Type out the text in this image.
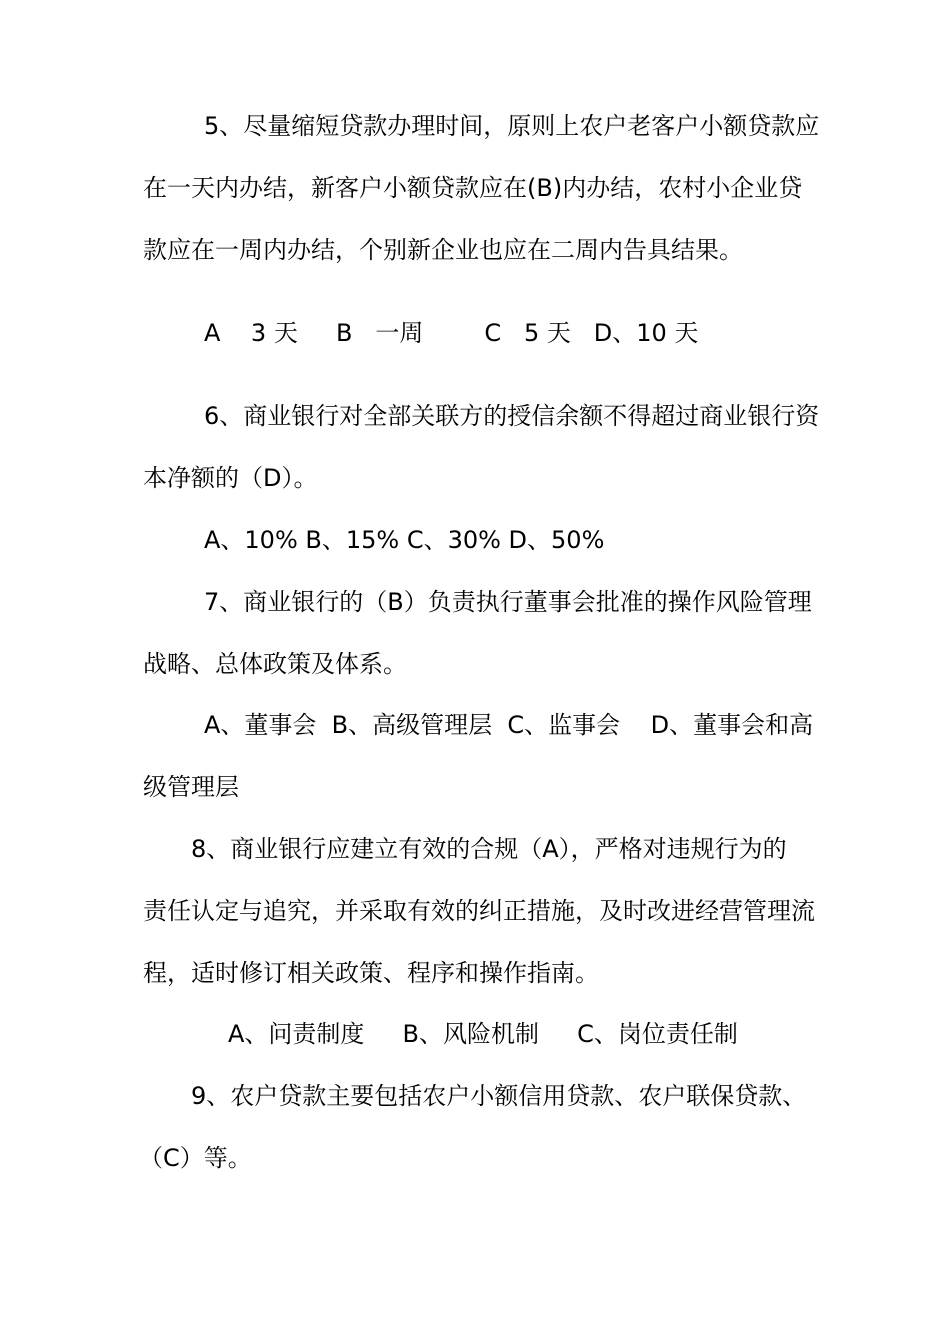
5、尽量缩短贷款办理时间，原则上农户老客户小额贷款应
在一天内办结，新客户小额贷款应在(B)内办结，农村小企业贷
款应在一周内办结，个别新企业也应在二周内告具结果。
A    3 天     B   一周        C   5 天   D、10 天
6、商业银行对全部关联方的授信余额不得超过商业银行资
本净额的（D）。
A、10% B、15% C、30% D、50%
7、商业银行的（B）负责执行董事会批准的操作风险管理
战略、总体政策及体系。
A、董事会  B、高级管理层  C、监事会    D、董事会和高
级管理层
8、商业银行应建立有效的合规（A），严格对违规行为的
责任认定与追究，并采取有效的纠正措施，及时改进经营管理流
程，适时修订相关政策、程序和操作指南。
A、问责制度     B、风险机制     C、岗位责任制
9、农户贷款主要包括农户小额信用贷款、农户联保贷款、
（C）等。
